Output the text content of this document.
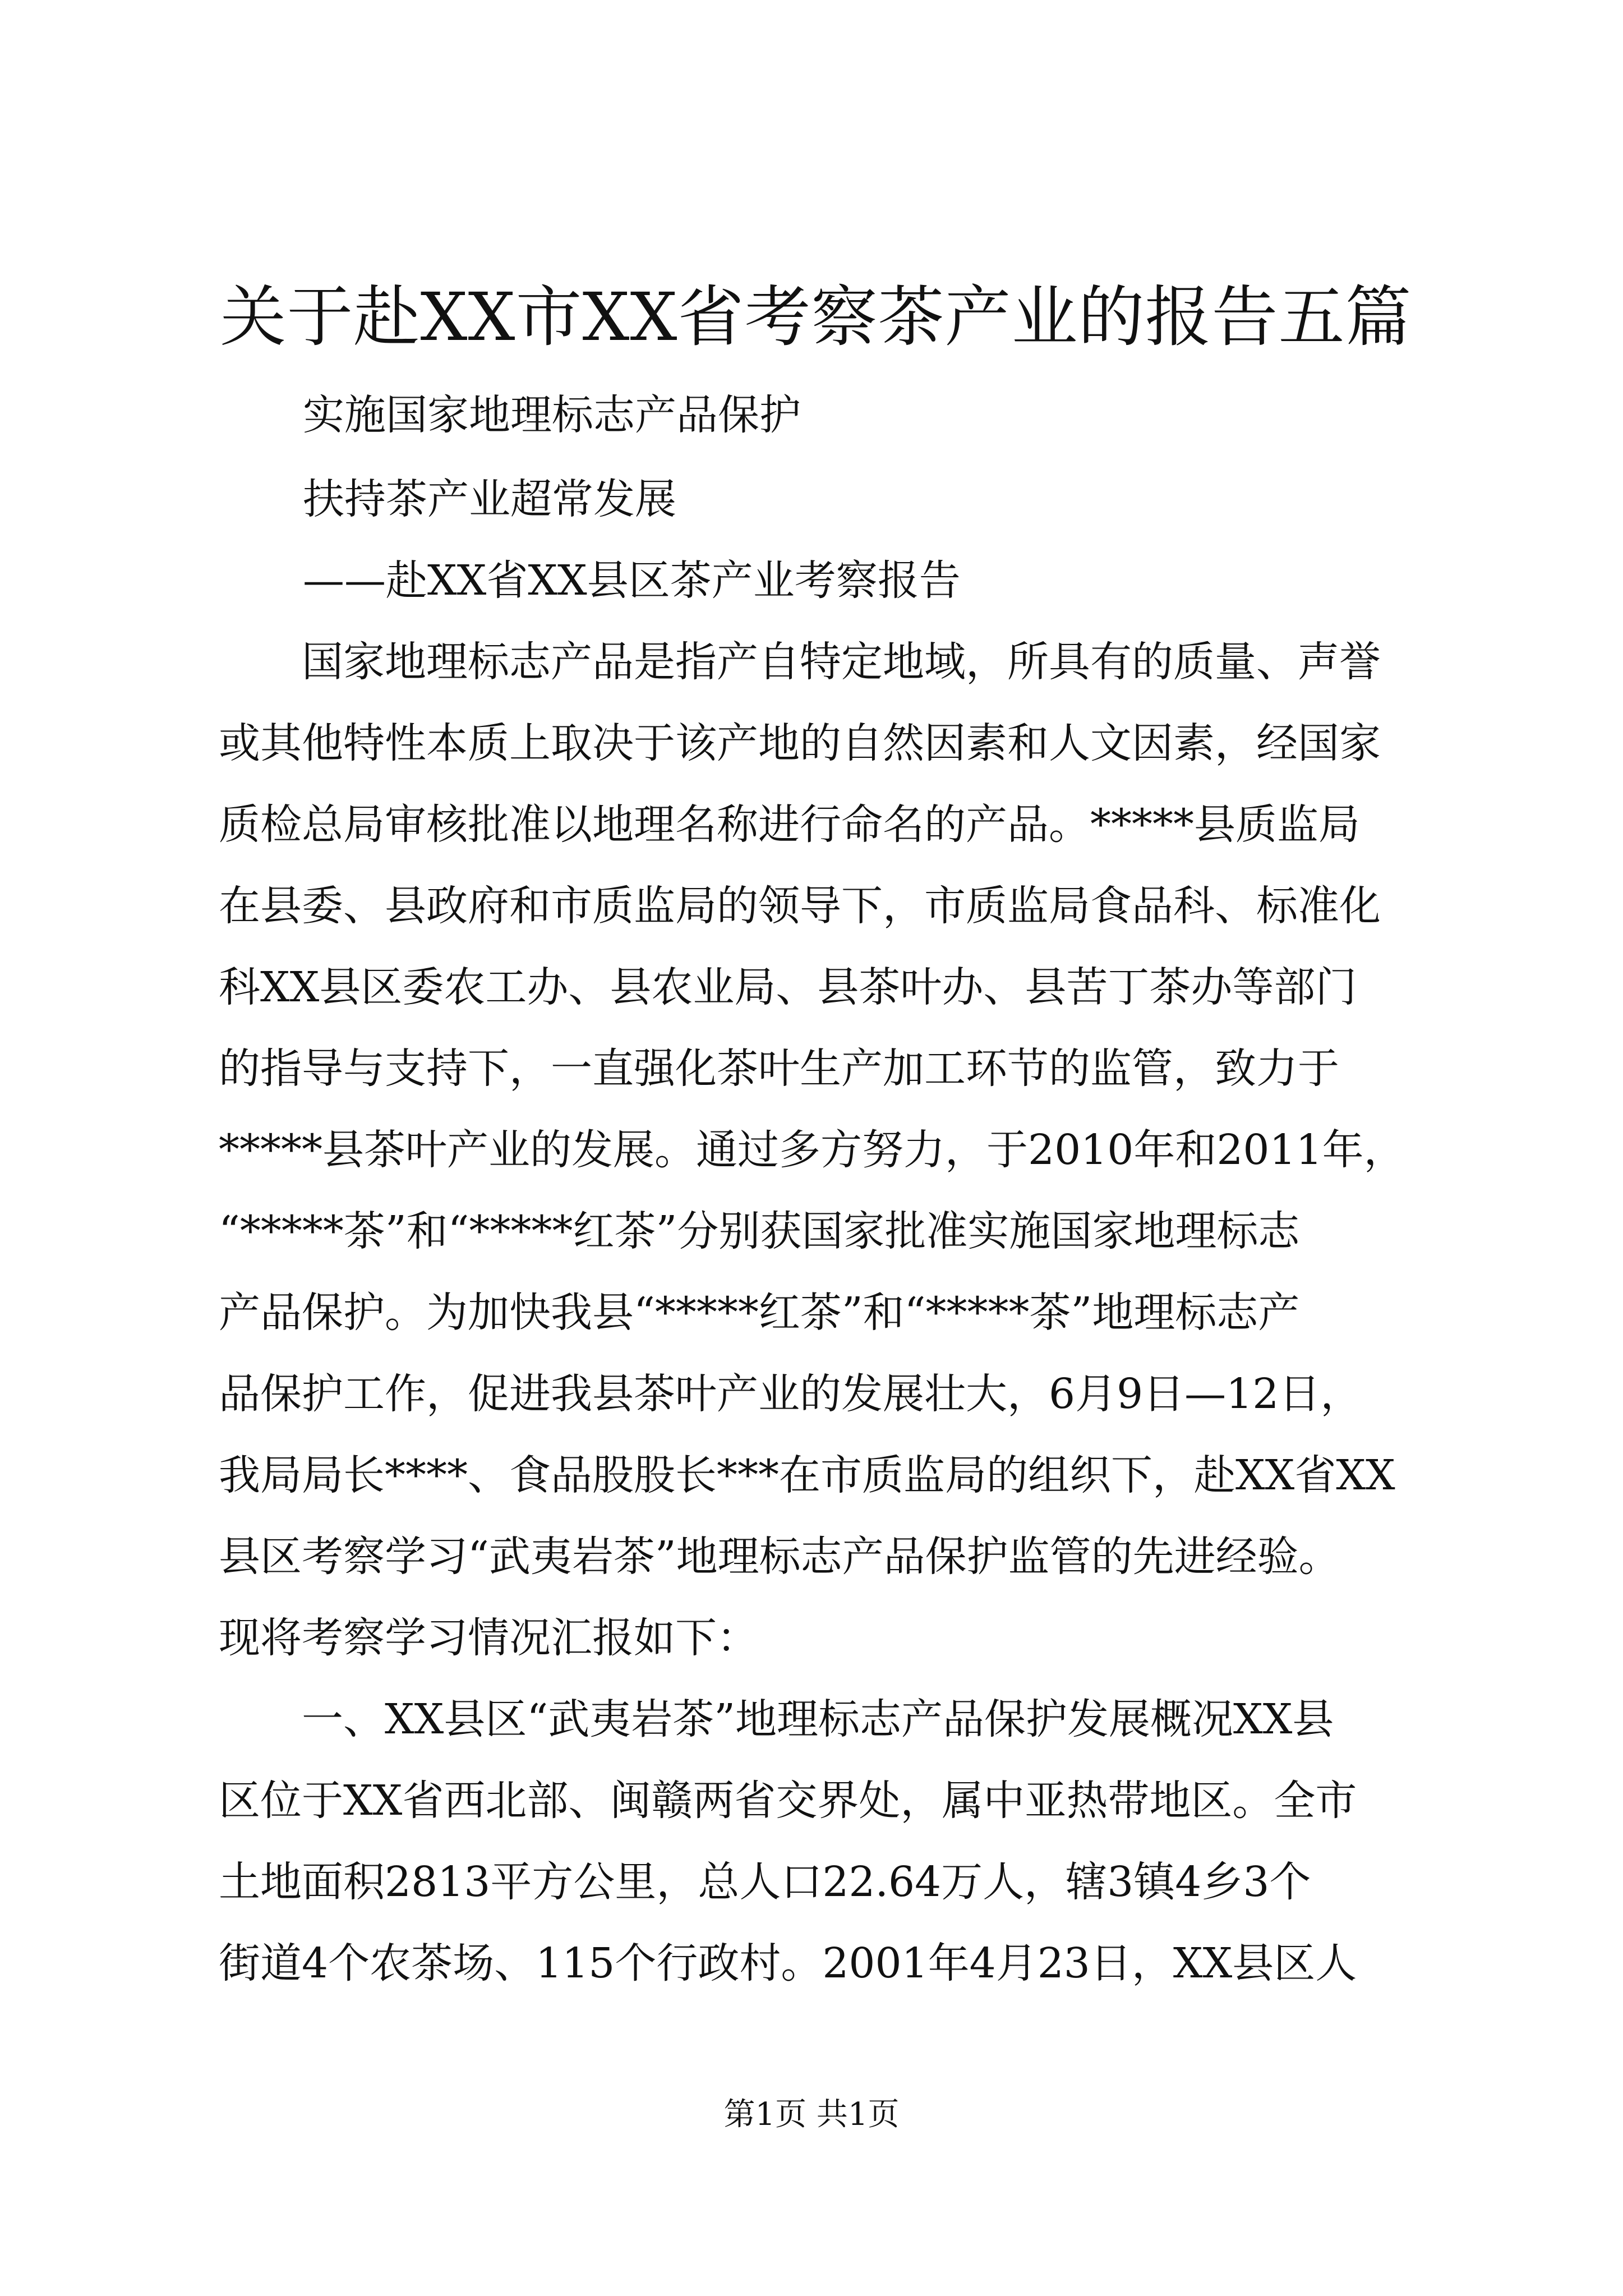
关于赴XX市XX省考察茶产业的报告五篇
实施国家地理标志产品保护
扶持茶产业超常发展
——赴XX省XX县区茶产业考察报告
　　国家地理标志产品是指产自特定地域，所具有的质量、声誉
或其他特性本质上取决于该产地的自然因素和人文因素，经国家
质检总局审核批准以地理名称进行命名的产品。*****县质监局
在县委、县政府和市质监局的领导下，市质监局食品科、标准化
科XX县区委农工办、县农业局、县茶叶办、县苦丁茶办等部门
的指导与支持下，一直强化茶叶生产加工环节的监管，致力于
*****县茶叶产业的发展。通过多方努力，于2010年和2011年，
“*****茶”和“*****红茶”分别获国家批准实施国家地理标志
产品保护。为加快我县“*****红茶”和“*****茶”地理标志产
品保护工作，促进我县茶叶产业的发展壮大，6月9日—12日，
我局局长****、食品股股长***在市质监局的组织下，赴XX省XX
县区考察学习“武夷岩茶”地理标志产品保护监管的先进经验。
现将考察学习情况汇报如下：
　　一、XX县区“武夷岩茶”地理标志产品保护发展概况XX县
区位于XX省西北部、闽赣两省交界处，属中亚热带地区。全市
土地面积2813平方公里，总人口22.64万人，辖3镇4乡3个
街道4个农茶场、115个行政村。2001年4月23日，XX县区人
第1页 共1页
